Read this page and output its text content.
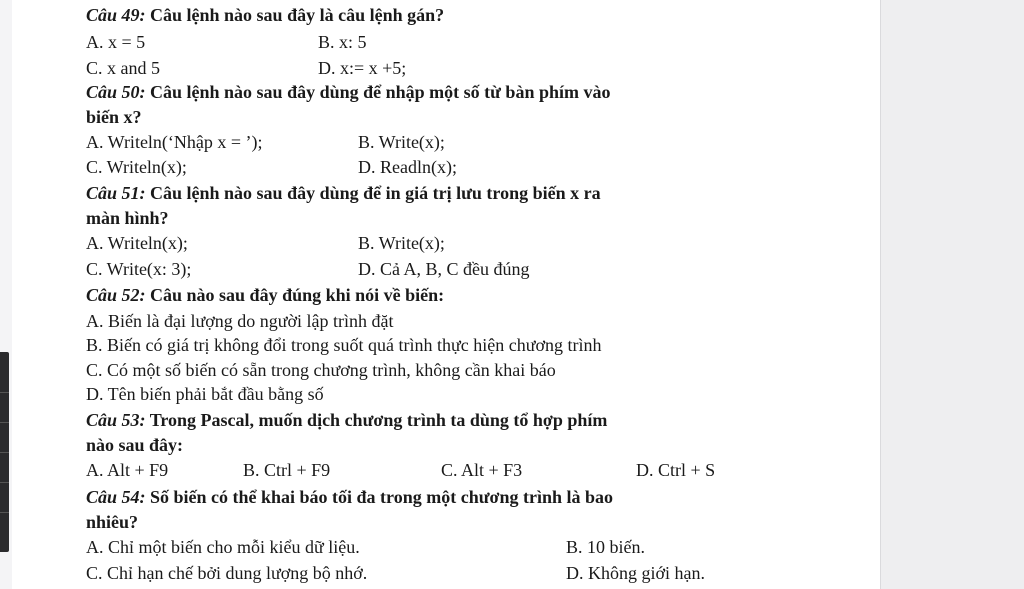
Câu 49: Câu lệnh nào sau đây là câu lệnh gán?
A. x = 5	B. x: 5
C. x and 5	D. x:= x +5;
Câu 50: Câu lệnh nào sau đây dùng để nhập một số từ bàn phím vào
biến x?
A. Writeln(‘Nhập x = ’);	B. Write(x);
C. Writeln(x);	D. Readln(x);
Câu 51: Câu lệnh nào sau đây dùng để in giá trị lưu trong biến x ra
màn hình?
A. Writeln(x);	B. Write(x);
C. Write(x: 3);	D. Cả A, B, C đều đúng
Câu 52: Câu nào sau đây đúng khi nói về biến:
A. Biến là đại lượng do người lập trình đặt
B. Biến có giá trị không đổi trong suốt quá trình thực hiện chương trình
C. Có một số biến có sẵn trong chương trình, không cần khai báo
D. Tên biến phải bắt đầu bằng số
Câu 53: Trong Pascal, muốn dịch chương trình ta dùng tổ hợp phím
nào sau đây:
A. Alt + F9	B. Ctrl + F9	C. Alt + F3	D. Ctrl + S
Câu 54: Số biến có thể khai báo tối đa trong một chương trình là bao
nhiêu?
A. Chỉ một biến cho mỗi kiểu dữ liệu.	B. 10 biến.
C. Chỉ hạn chế bởi dung lượng bộ nhớ.	D. Không giới hạn.
